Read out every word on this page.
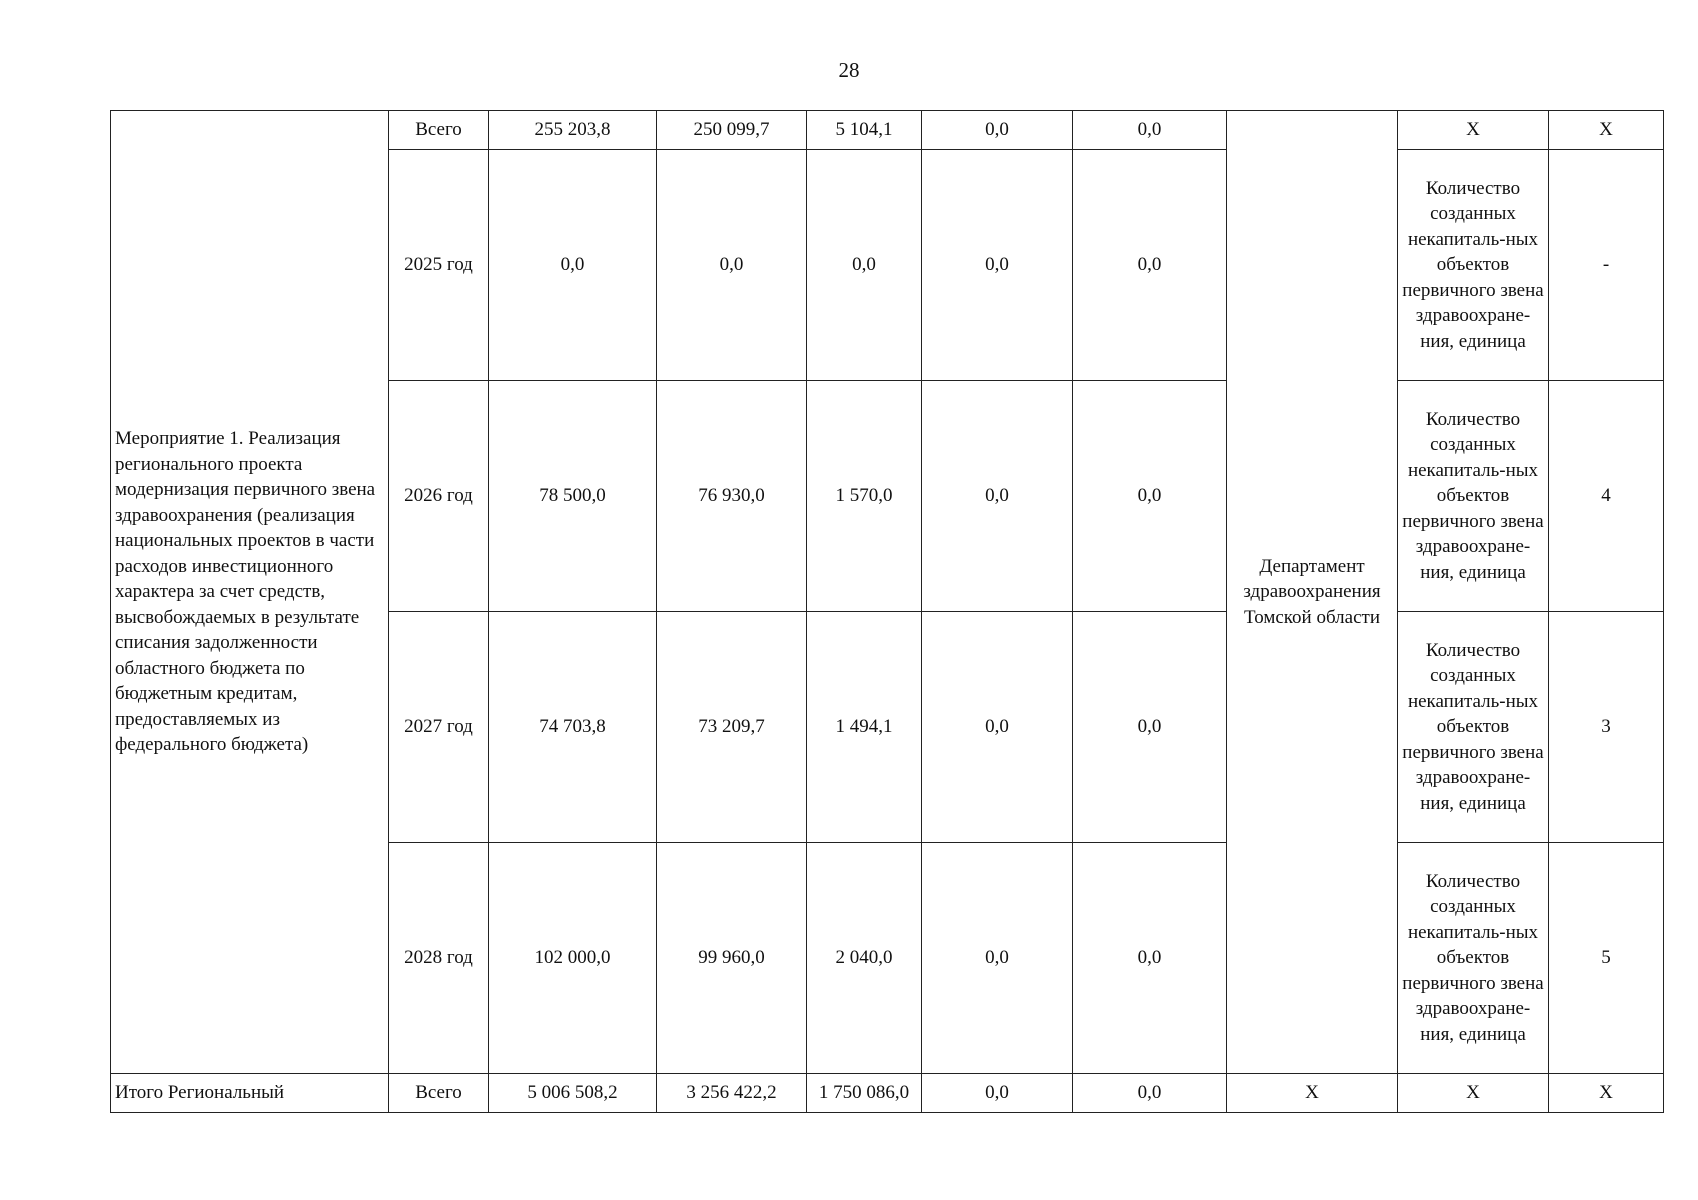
28
Мероприятие 1. Реализация регионального проекта модернизация первичного звена здравоохранения (реализация национальных проектов в части расходов инвестиционного характера за счет средств, высвобождаемых в результате списания задолженности областного бюджета по бюджетным кредитам, предоставляемых из федерального бюджета)	Всего	255 203,8	250 099,7	5 104,1	0,0	0,0	Департамент здравоохранения Томской области	X	X
	2025 год	0,0	0,0	0,0	0,0	0,0		Количество созданных некапиталь-ных объектов первичного звена здравоохране-ния, единица	-
	2026 год	78 500,0	76 930,0	1 570,0	0,0	0,0		Количество созданных некапиталь-ных объектов первичного звена здравоохране-ния, единица	4
	2027 год	74 703,8	73 209,7	1 494,1	0,0	0,0		Количество созданных некапиталь-ных объектов первичного звена здравоохране-ния, единица	3
	2028 год	102 000,0	99 960,0	2 040,0	0,0	0,0		Количество созданных некапиталь-ных объектов первичного звена здравоохране-ния, единица	5
Итого Региональный	Всего	5 006 508,2	3 256 422,2	1 750 086,0	0,0	0,0	X	X	X
